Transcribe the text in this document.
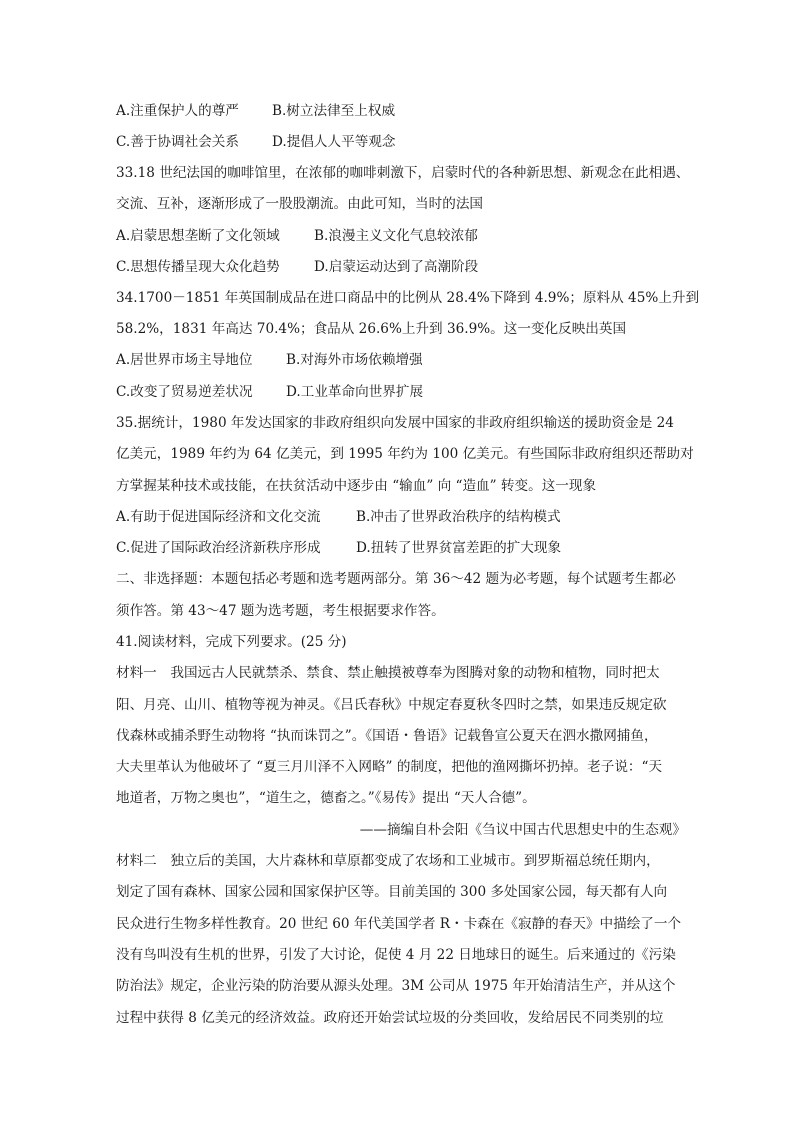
A.注重保护人的尊严 B.树立法律至上权威
C.善于协调社会关系 D.提倡人人平等观念
33.18 世纪法国的咖啡馆里，在浓郁的咖啡刺激下，启蒙时代的各种新思想、新观念在此相遇、
交流、互补，逐渐形成了一股股潮流。由此可知，当时的法国
A.启蒙思想垄断了文化领域	B.浪漫主义文化气息较浓郁
C.思想传播呈现大众化趋势	D.启蒙运动达到了高潮阶段
34.1700－1851 年英国制成品在进口商品中的比例从 28.4%下降到 4.9%；原料从 45%上升到
58.2%，1831 年高达 70.4%；食品从 26.6%上升到 36.9%。这一变化反映出英国
A.居世界市场主导地位 B.对海外市场依赖增强
C.改变了贸易逆差状况 D.工业革命向世界扩展
35.据统计，1980 年发达国家的非政府组织向发展中国家的非政府组织输送的援助资金是 24
亿美元，1989 年约为 64 亿美元，到 1995 年约为 100 亿美元。有些国际非政府组织还帮助对
方掌握某种技术或技能，在扶贫活动中逐步由 “输血” 向 “造血” 转变。这一现象
A.有助于促进国际经济和文化交流	B.冲击了世界政治秩序的结构模式
C.促进了国际政治经济新秩序形成	D.扭转了世界贫富差距的扩大现象
二、非选择题：本题包括必考题和选考题两部分。第 36～42 题为必考题，每个试题考生都必
须作答。第 43～47 题为选考题，考生根据要求作答。
41.阅读材料，完成下列要求。(25 分)
材料一　我国远古人民就禁杀、禁食、禁止触摸被尊奉为图腾对象的动物和植物，同时把太
阳、月亮、山川、植物等视为神灵。《吕氏春秋》中规定春夏秋冬四时之禁，如果违反规定砍
伐森林或捕杀野生动物将 “执而诛罚之”。《国语・鲁语》记载鲁宣公夏天在泗水撒网捕鱼，
大夫里革认为他破坏了 “夏三月川泽不入网略” 的制度，把他的渔网撕坏扔掉。老子说：“天
地道者，万物之奥也”，“道生之，德畜之。”《易传》提出 “天人合德”。
——摘编自朴会阳《刍议中国古代思想史中的生态观》
材料二　独立后的美国，大片森林和草原都变成了农场和工业城市。到罗斯福总统任期内，
划定了国有森林、国家公园和国家保护区等。目前美国的 300 多处国家公园，每天都有人向
民众进行生物多样性教育。20 世纪 60 年代美国学者 R・卡森在《寂静的春天》中描绘了一个
没有鸟叫没有生机的世界，引发了大讨论，促使 4 月 22 日地球日的诞生。后来通过的《污染
防治法》规定，企业污染的防治要从源头处理。3M 公司从 1975 年开始清洁生产，并从这个
过程中获得 8 亿美元的经济效益。政府还开始尝试垃圾的分类回收，发给居民不同类别的垃
